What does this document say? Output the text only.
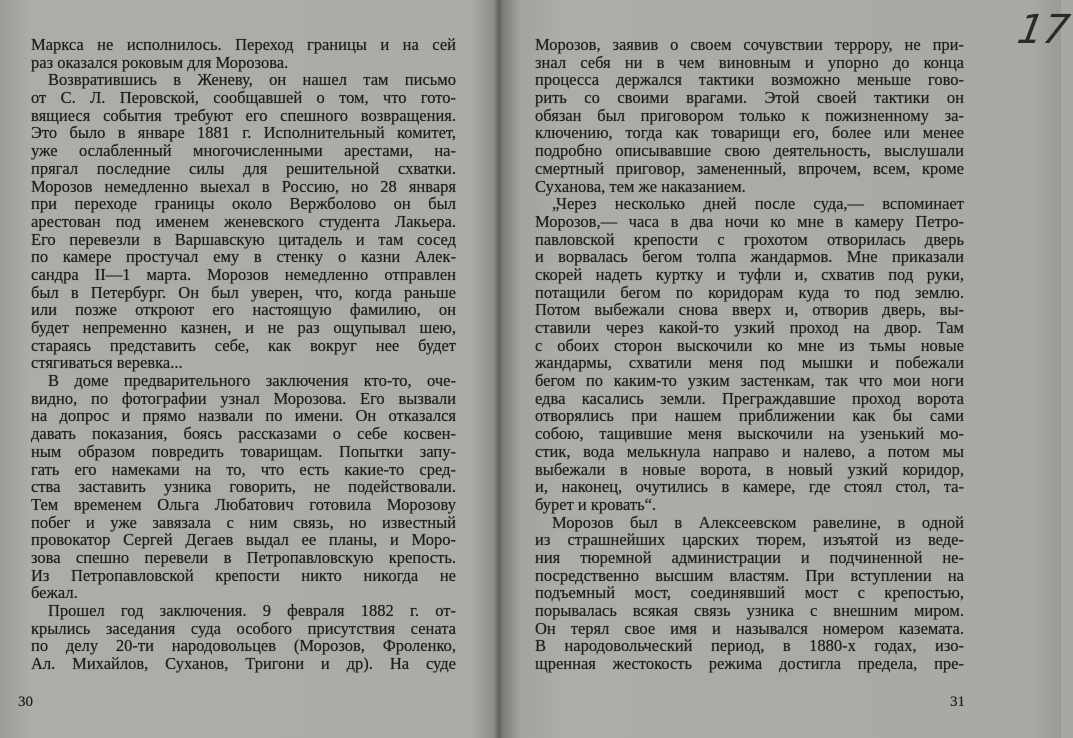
Маркса не исполнилось. Переход границы и на сей
раз оказался роковым для Морозова.
Возвратившись в Женеву, он нашел там письмо
от С. Л. Перовской, сообщавшей о том, что гото-
вящиеся события требуют его спешного возвращения.
Это было в январе 1881 г. Исполнительный комитет,
уже ослабленный многочисленными арестами, на-
прягал последние силы для решительной схватки.
Морозов немедленно выехал в Россию, но 28 января
при переходе границы около Вержболово он был
арестован под именем женевского студента Лакьера.
Его перевезли в Варшавскую цитадель и там сосед
по камере простучал ему в стенку о казни Алек-
сандра II—1 марта. Морозов немедленно отправлен
был в Петербург. Он был уверен, что, когда раньше
или позже откроют его настоящую фамилию, он
будет непременно казнен, и не раз ощупывал шею,
стараясь представить себе, как вокруг нее будет
стягиваться веревка...
В доме предварительного заключения кто-то, оче-
видно, по фотографии узнал Морозова. Его вызвали
на допрос и прямо назвали по имени. Он отказался
давать показания, боясь рассказами о себе косвен-
ным образом повредить товарищам. Попытки запу-
гать его намеками на то, что есть какие-то сред-
ства заставить узника говорить, не подействовали.
Тем временем Ольга Любатович готовила Морозову
побег и уже завязала с ним связь, но известный
провокатор Сергей Дегаев выдал ее планы, и Моро-
зова спешно перевели в Петропавловскую крепость.
Из Петропавловской крепости никто никогда не
бежал.
Прошел год заключения. 9 февраля 1882 г. от-
крылись заседания суда особого присутствия сената
по делу 20-ти народовольцев (Морозов, Фроленко,
Ал. Михайлов, Суханов, Тригони и др). На суде
Морозов, заявив о своем сочувствии террору, не при-
знал себя ни в чем виновным и упорно до конца
процесса держался тактики возможно меньше гово-
рить со своими врагами. Этой своей тактики он
обязан был приговором только к пожизненному за-
ключению, тогда как товарищи его, более или менее
подробно описывавшие свою деятельность, выслушали
смертный приговор, замененный, впрочем, всем, кроме
Суханова, тем же наказанием.
„Через несколько дней после суда,— вспоминает
Морозов,— часа в два ночи ко мне в камеру Петро-
павловской крепости с грохотом отворилась дверь
и ворвалась бегом толпа жандармов. Мне приказали
скорей надеть куртку и туфли и, схватив под руки,
потащили бегом по коридорам куда то под землю.
Потом выбежали снова вверх и, отворив дверь, вы-
ставили через какой-то узкий проход на двор. Там
с обоих сторон выскочили ко мне из тьмы новые
жандармы, схватили меня под мышки и побежали
бегом по каким-то узким застенкам, так что мои ноги
едва касались земли. Преграждавшие проход ворота
отворялись при нашем приближении как бы сами
собою, тащившие меня выскочили на узенький мо-
стик, вода мелькнула направо и налево, а потом мы
выбежали в новые ворота, в новый узкий коридор,
и, наконец, очутились в камере, где стоял стол, та-
бурет и кровать“.
Морозов был в Алексеевском равелине, в одной
из страшнейших царских тюрем, изъятой из веде-
ния тюремной администрации и подчиненной не-
посредственно высшим властям. При вступлении на
подъемный мост, соединявший мост с крепостью,
порывалась всякая связь узника с внешним миром.
Он терял свое имя и назывался номером каземата.
В народовольческий период, в 1880-х годах, изо-
щренная жестокость режима достигла предела, пре-
30	31
17
